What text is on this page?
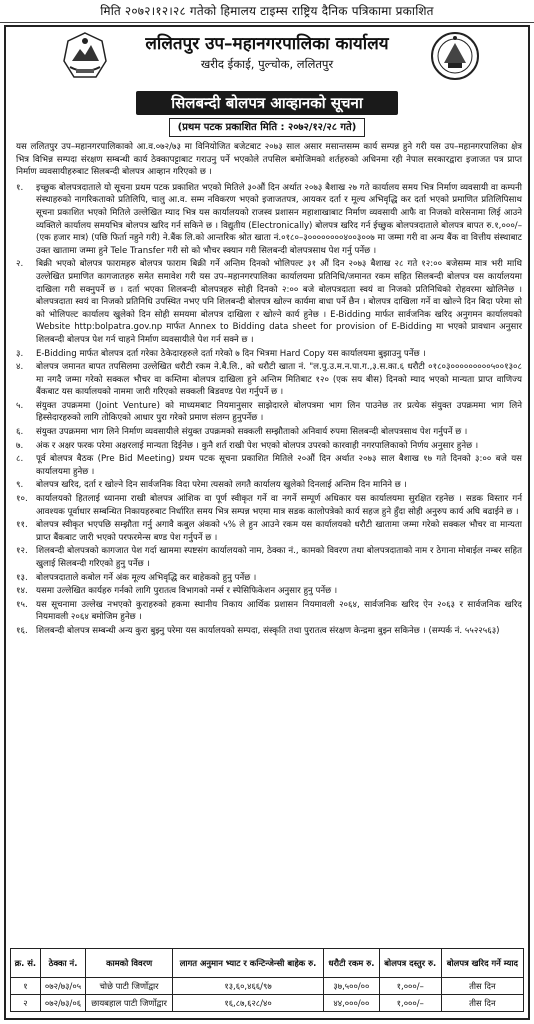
मिति २०७२।१२।२८ गतेको हिमालय टाइम्स राष्ट्रिय दैनिक पत्रिकामा प्रकाशित
ललितपुर उप–महानगरपालिका कार्यालय
खरीद ईकाई, पुल्चोक, ललितपुर
सिलबन्दी बोलपत्र आव्हानको सूचना
(प्रथम पटक प्रकाशित मिति : २०७२/१२/२८ गते)

यस ललितपुर उप–महानगरपालिकाको आ.व.०७२/७३ मा विनियोजित बजेटबाट २०७३ साल असार मसान्तसम्म कार्य सम्पन्न हुने गरी यस उप–महानगरपालिका क्षेत्र भित्र विभिन्न सम्पदा संरक्षण सम्बन्धी कार्य ठेक्कापट्टाबाट गराउनु पर्ने भएकोले तपसिल बमोजिमको शर्तहरुको अधिनमा रही नेपाल सरकारद्वारा इजाजत पत्र प्राप्त निर्माण व्यवसायीहरुबाट सिलबन्दी बोलपत्र आव्हान गरिएको छ ।

१.	इच्छुक बोलपत्रदाताले यो सूचना प्रथम पटक प्रकाशित भएको मितिले ३०औं दिन अर्थात २०७३ बैशाख २७ गते कार्यालय समय भित्र निर्माण व्यवसायी वा कम्पनी संस्थाहरुको नागरिकताको प्रतिलिपि, चालु आ.व. सम्म नविकरण भएको इजाजतपत्र, आयकर दर्ता र मूल्य अभिवृद्धि कर दर्ता भएको प्रमाणित प्रतिलिपिसाथ सूचना प्रकाशित भएको मितिले उल्लेखित म्याद भित्र यस कार्यालयको राजस्व प्रशासन महाशाखाबाट निर्माण व्यवसायी आफै वा निजको वारेसनामा लिई आउने व्यक्तिले कार्यालय समयभित्र बोलपत्र खरिद गर्न सकिने छ । विद्युतीय (Electronically) बोलपत्र खरिद गर्न ईच्छुक बोलपत्रदाताले बोलपत्र बापत रु.१,०००/– (एक हजार मात्र) (पछि फिर्ता नहुने गरी) ने.बैंक लि.को आन्तरिक श्रोत खाता नं.०१८०–३००००००००४००३००७ मा जम्मा गरी वा अन्य बैंक वा वित्तीय संस्थाबाट उक्त खातामा जम्मा हुने Tele Transfer गरी सो को भौचर स्क्यान गरी सिलबन्दी बोलपत्रसाथ पेश गर्नु पर्नेछ ।
२.	बिक्री भएको बोलपत्र फारामहरु बोलपत्र फाराम बिक्री गर्ने अन्तिम दिनको भोलिपल्ट ३१ औं दिन २०७३ बैशाख २८ गते १२:०० बजेसम्म मात्र भरी माथि उल्लेखित प्रमाणित कागजातहरु समेत समावेश गरी यस उप–महानगरपालिका कार्यालयमा प्रतिनिधि/जमानत रकम सहित सिलबन्दी बोलपत्र यस कार्यालयमा दाखिला गरी सक्नुपर्ने छ । दर्ता भएका शिलबन्दी बोलपत्रहरु सोही दिनको २:०० बजे बोलपत्रदाता स्वयं वा निजको प्रतिनिधिको रोहवरमा खोलिनेछ । बोलपत्रदाता स्वयं वा निजको प्रतिनिधि उपस्थित नभए पनि शिलबन्दी बोलपत्र खोल्न कार्यमा बाधा पर्ने छैन । बोलपत्र दाखिला गर्ने वा खोल्ने दिन बिदा परेमा सो को भोलिपल्ट कार्यालय खुलेको दिन सोही समयमा बोलपत्र दाखिला र खोल्ने कार्य हुनेछ । E-Bidding मार्फत सार्वजनिक खरिद अनुगमन कार्यालयको Website http:bolpatra.gov.np मार्फत Annex to Bidding data sheet for provision of E-Bidding मा भएको प्रावधान अनुसार शिलबन्दी बोलपत्र पेश गर्न चाहने निर्माण व्यवसायीले पेश गर्न सक्ने छ ।
३.	E-Bidding मार्फत बोलपत्र दर्ता गरेका ठेकेदारहरुले दर्ता गरेको ७ दिन भित्रमा Hard Copy यस कार्यालयमा बुझाउनु पर्नेछ ।
४.	बोलपत्र जमानत बापत तपसिलमा उल्लेखित धरौटी रकम ने.बै.लि., को धरौटी खाता नं. "ल.पु.उ.म.न.पा.ग.,३.स.का.६ धरौटी ०१८०३०००००००००५००१३०८ मा नगदै जम्मा गरेको सक्कल भौचर वा कम्तिमा बोलपत्र दाखिला हुने अन्तिम मितिबाट १२० (एक सय बीस) दिनको म्याद भएको मान्यता प्राप्त वाणिज्य बैंकबाट यस कार्यालयको नाममा जारी गरिएको सक्कली बिडवण्ड पेश गर्नुपर्ने छ ।
५.	संयुक्त उपक्रममा (Joint Venture) को माध्यमबाट नियमानुसार साझेदारले बोलपत्रमा भाग लिन पाउनेछ तर प्रत्येक संयुक्त उपक्रममा भाग लिने हिस्सेदारहरुको लागि तोकिएको आधार पुरा गरेको प्रमाण संलग्न हुनुपर्नेछ ।
६.	संयुक्त उपक्रममा भाग लिने निर्माण व्यवसायीले संयुक्त उपक्रमको सक्कली सम्झौताको अनिवार्य रुपमा सिलबन्दी बोलपत्रसाथ पेश गर्नुपर्ने छ ।
७.	अंक र अक्षर फरक परेमा अक्षरलाई मान्यता दिईनेछ । कुनै शर्त राखी पेश भएको बोलपत्र उपरको कारवाही नगरपालिकाको निर्णय अनुसार हुनेछ ।
८.	पूर्व बोलपत्र बैठक (Pre Bid Meeting) प्रथम पटक सूचना प्रकाशित मितिले २०औं दिन अर्थात २०७३ साल बैशाख १७ गते दिनको ३:०० बजे यस कार्यालयमा हुनेछ ।
९.	बोलपत्र खरिद, दर्ता र खोल्ने दिन सार्वजनिक विदा परेमा त्यसको लगतै कार्यालय खुलेको दिनलाई अन्तिम दिन मानिने छ ।
१०. कार्यालयको हितलाई ध्यानमा राखी बोलपत्र आंशिक वा पूर्ण स्वीकृत गर्ने वा नगर्ने सम्पूर्ण अधिकार यस कार्यालयमा सुरक्षित रहनेछ । सडक विस्तार गर्न आवश्यक पूर्वाधार सम्बन्धित निकायहरुबाट निर्धारित समय भित्र सम्पन्न भएमा मात्र सडक कालोपत्रेको कार्य सहज हुने हुँदा सोही अनुरुप कार्य अघि बढाईने छ ।
११. बोलपत्र स्वीकृत भएपछि सम्झौता गर्नु अगावै कबुल अंकको ५% ले हुन आउने रकम यस कार्यालयको धरौटी खातामा जम्मा गरेको सक्कल भौचर वा मान्यता प्राप्त बैंकबाट जारी भएको परफरमेन्स बण्ड पेश गर्नुपर्ने छ ।
१२. शिलबन्दी बोलपत्रको कागजात पेश गर्दा खाममा स्पष्टसंग कार्यालयको नाम, ठेक्का नं., कामको विवरण तथा बोलपत्रदाताको नाम र ठेगाना मोबाईल नम्बर सहित खुलाई सिलबन्दी गरिएको हुनु पर्नेछ ।
१३. बोलपत्रदाताले कबोल गर्ने अंक मूल्य अभिवृद्धि कर बाहेकको हुनु पर्नेछ ।
१४. यसमा उल्लेखित कार्यहरु गर्नको लागि पुरातत्व विभागको नर्म्स र स्पेसिफिकेशन अनुसार हुनु पर्नेछ ।
१५. यस सूचनामा उल्लेख नभएको कुराहरुको हकमा स्थानीय निकाय आर्थिक प्रशासन नियमावली २०६४, सार्वजनिक खरिद ऐन २०६३ र सार्वजनिक खरिद नियमावली २०६४ बमोजिम हुनेछ ।
१६. शिलबन्दी बोलपत्र सम्बन्धी अन्य कुरा बुझ्नु परेमा यस कार्यालयको सम्पदा, संस्कृति तथा पुरातत्व संरक्षण केन्द्रमा बुझ्न सकिनेछ । (सम्पर्क नं. ५५२२५६३)
क्र. सं.	ठेक्का नं.	कामको विवरण	लागत अनुमान भ्याट र कन्टिन्जेन्सी बाहेक रु.	धरौटी रकम रु.	बोलपत्र दस्तुर रु.	बोलपत्र खरिद गर्ने म्याद
१	०७२/७३/०५	चोछे पाटी जिर्णोद्वार	१३,६०,४६६/९७	३७,५००/००	१,०००/–	तीस दिन
२	०७२/७३/०६	छायबहाल पाटी जिर्णोद्वार	१६,८७,६२८/४०	४४,०००/००	१,०००/–	तीस दिन
